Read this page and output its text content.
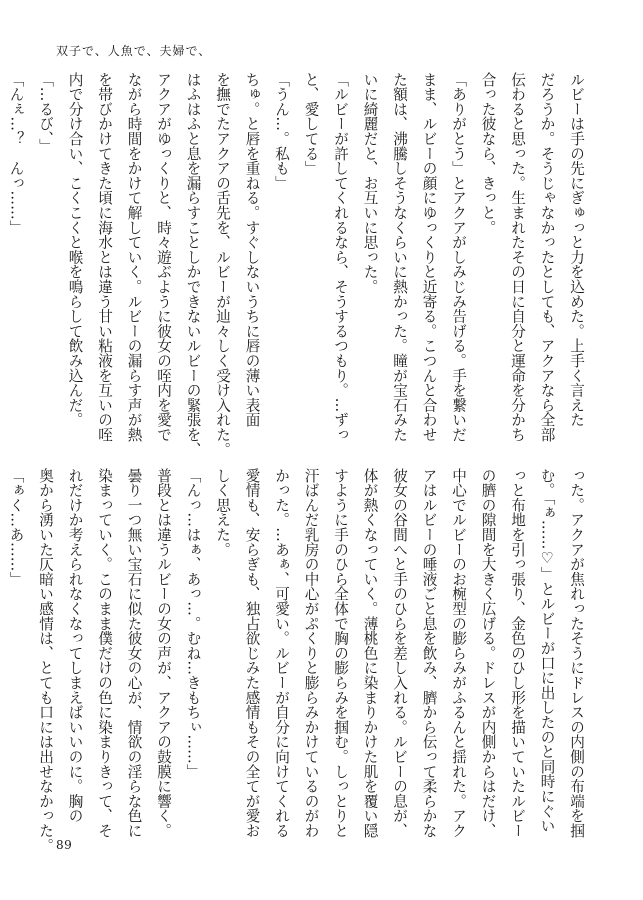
双子で、人魚で、夫婦で、

ルビーは手の先にぎゅっと力を込めた。上手く言えた

だろうか。そうじゃなかったとしても、アクアなら全部

伝わると思った。生まれたその日に自分と運命を分かち

合った彼なら、きっと。

「ありがとう」とアクアがしみじみ告げる。手を繋いだ

まま、ルビーの顔にゆっくりと近寄る。こつんと合わせ

た額は、沸騰しそうなくらいに熱かった。瞳が宝石みた

いに綺麗だと、お互いに思った。

「ルビーが許してくれるなら、そうするつもり。…ずっ

と、愛してる」

「うん…。私も」

ちゅ。と唇を重ねる。すぐしないうちに唇の薄い表面

を撫でたアクアの舌先を、ルビーが辿々しく受け入れた。

はふはふと息を漏らすことしかできないルビーの緊張を、

アクアがゆっくりと、時々遊ぶように彼女の咥内を愛で

ながら時間をかけて解していく。ルビーの漏らす声が熱

を帯びかけてきた頃に海水とは違う甘い粘液を互いの咥

内で分け合い、こくこくと喉を鳴らして飲み込んだ。

「…るび、」

「んぇ…？　んっ……」

った。アクアが焦れったそうにドレスの内側の布端を掴

む。「ぁ……♡」とルビーが口に出したのと同時にぐい

っと布地を引っ張り、金色のひし形を描いていたルビー

の臍の隙間を大きく広げる。ドレスが内側からはだけ、

中心でルビーのお椀型の膨らみがふるんと揺れた。アク

アはルビーの唾液ごと息を飲み、臍から伝って柔らかな

彼女の谷間へと手のひらを差し入れる。ルビーの息が、

体が熱くなっていく。薄桃色に染まりかけた肌を覆い隠

すように手のひら全体で胸の膨らみを掴む。しっとりと

汗ばんだ乳房の中心がぷくりと膨らみかけているのがわ

かった。…あぁ、可愛い。ルビーが自分に向けてくれる

愛情も、安らぎも、独占欲じみた感情もその全てが愛お

しく思えた。

「んっ…はぁ、あっ…。むね…きもちぃ……」

普段とは違うルビーの女の声が、アクアの鼓膜に響く。

曇り一つ無い宝石に似た彼女の心が、情欲の淫らな色に

染まっていく。このまま僕だけの色に染まりきって、そ

れだけか考えられなくなってしまえばいいのに。胸の

奥から湧いた仄暗い感情は、とても口には出せなかった。

「ぁく…あ……」

89
